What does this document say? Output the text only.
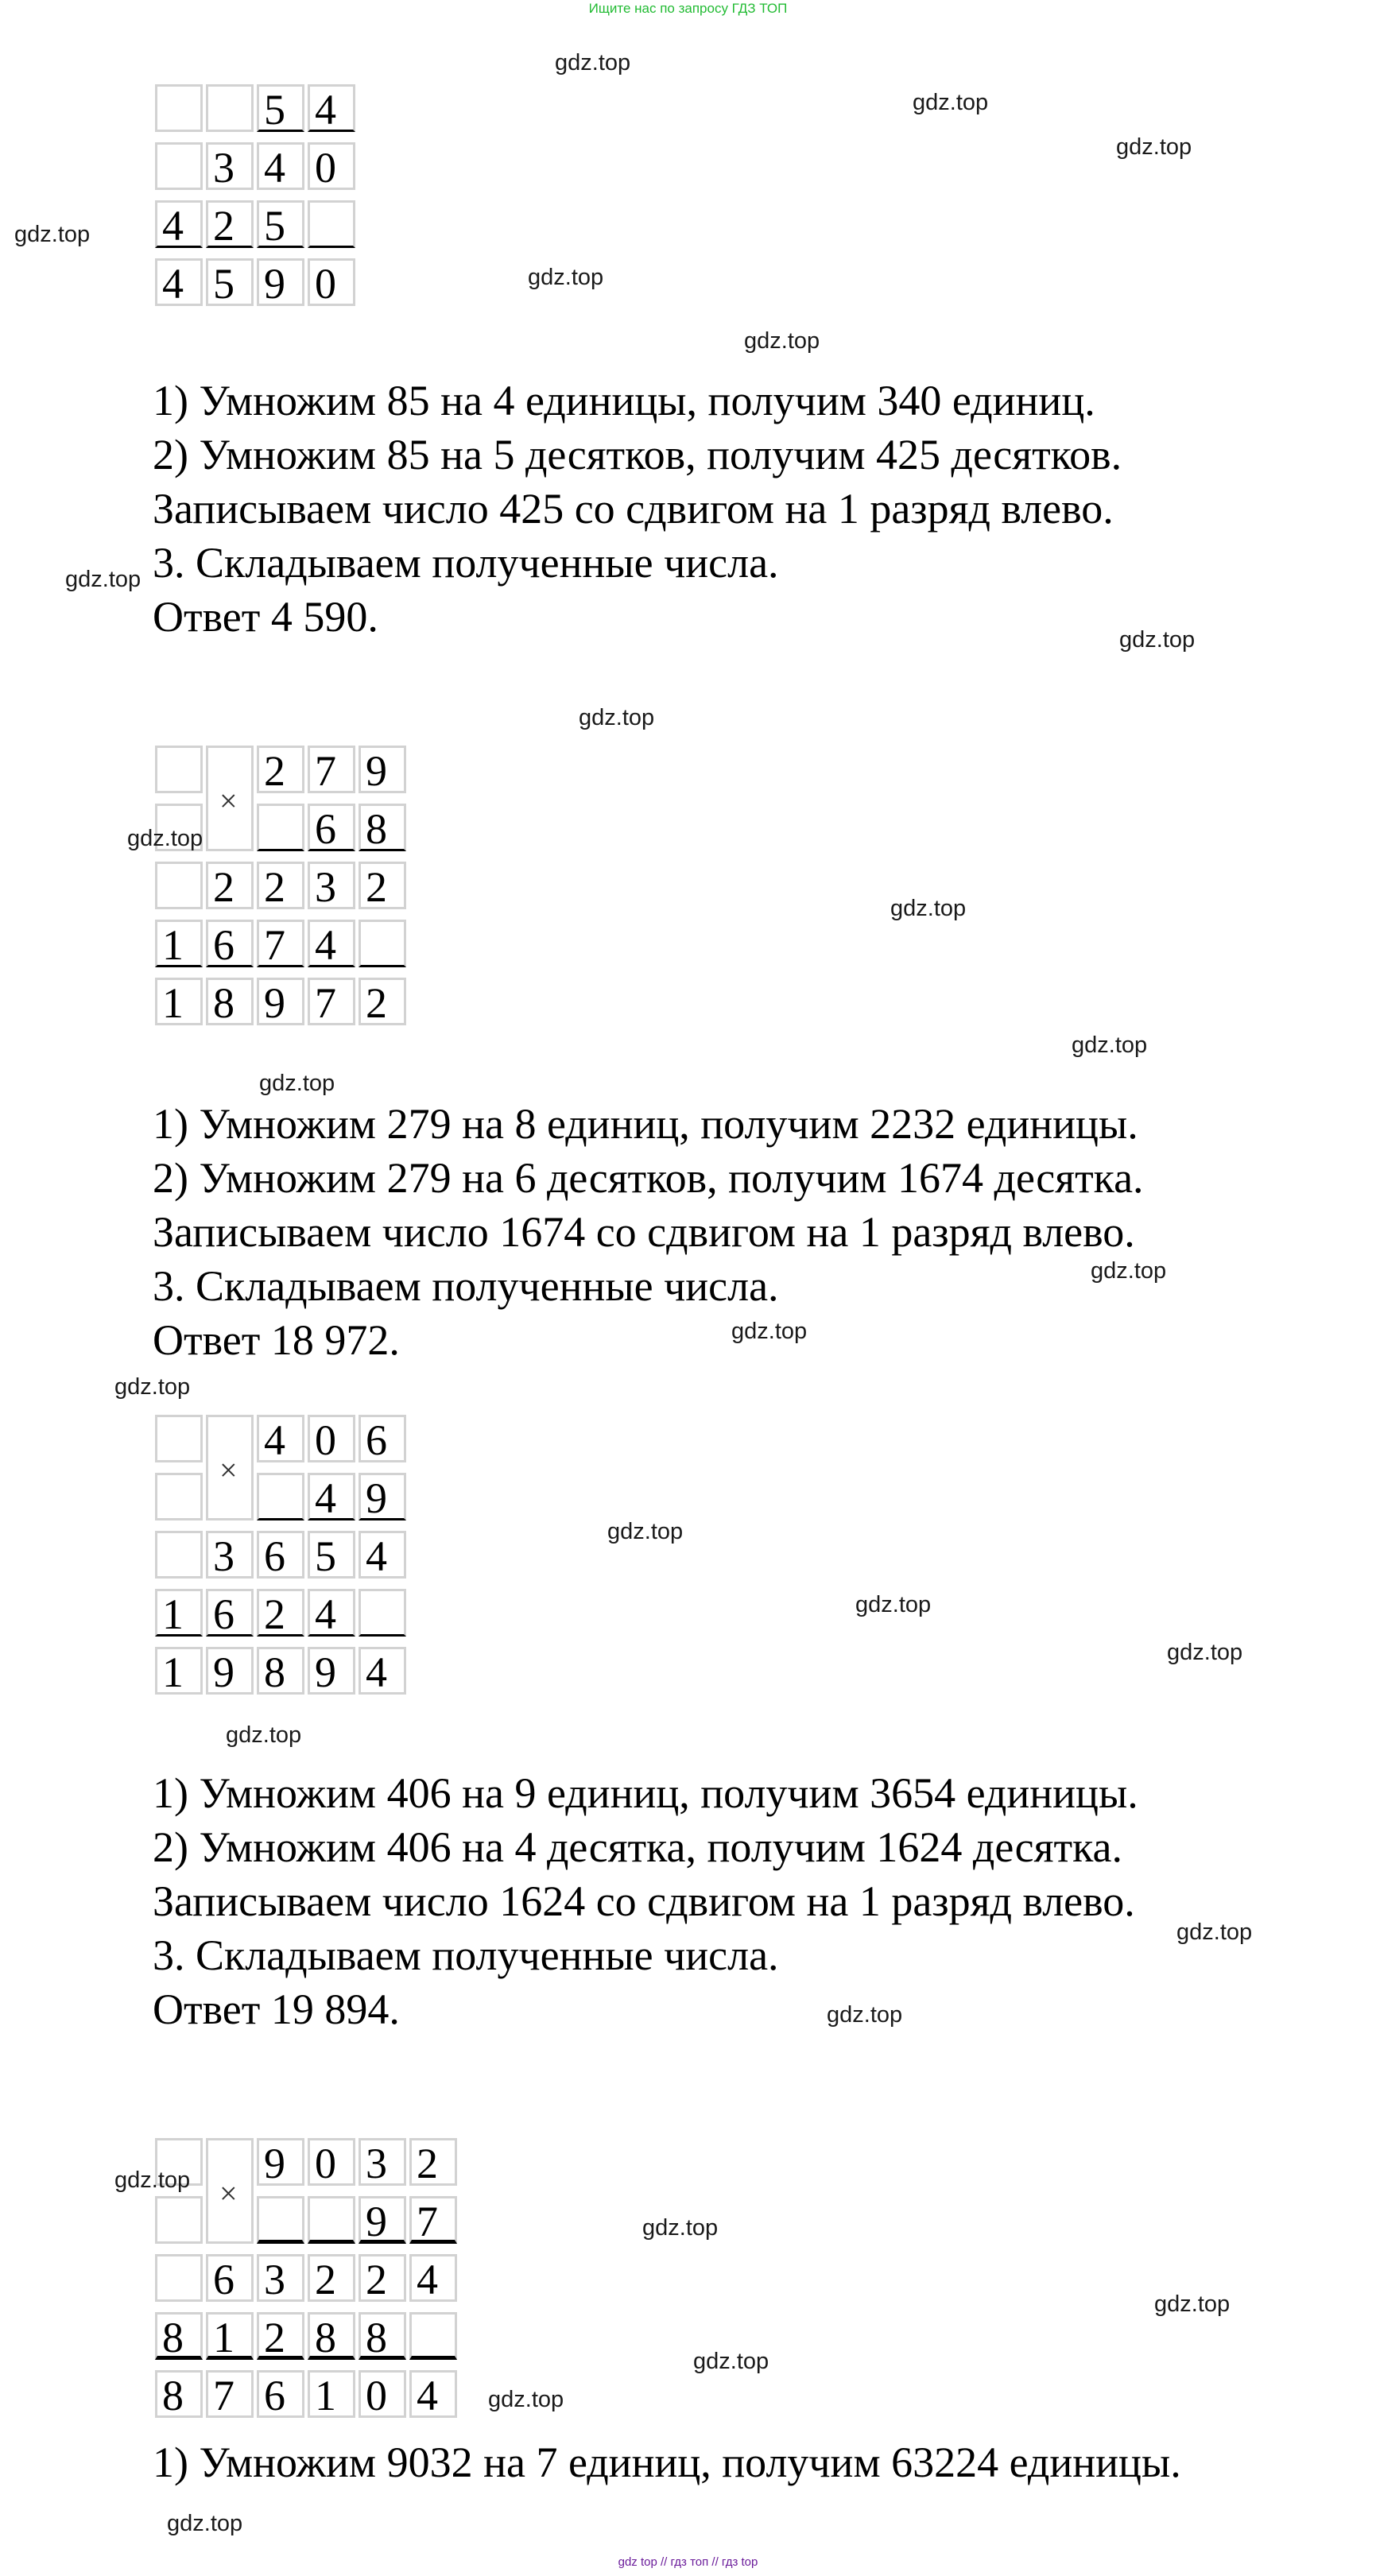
Ищите нас по запросу ГДЗ ТОП
5 4
3 4 0
4 2 5
4 5 9 0
1) Умножим 85 на 4 единицы, получим 340 единиц.
2) Умножим 85 на 5 десятков, получим 425 десятков.
Записываем число 425 со сдвигом на 1 разряд влево.
3. Складываем полученные числа.
Ответ 4 590.
×
2 7 9
6 8
2 2 3 2
1 6 7 4
1 8 9 7 2
1) Умножим 279 на 8 единиц, получим 2232 единицы.
2) Умножим 279 на 6 десятков, получим 1674 десятка.
Записываем число 1674 со сдвигом на 1 разряд влево.
3. Складываем полученные числа.
Ответ 18 972.
×
4 0 6
4 9
3 6 5 4
1 6 2 4
1 9 8 9 4
1) Умножим 406 на 9 единиц, получим 3654 единицы.
2) Умножим 406 на 4 десятка, получим 1624 десятка.
Записываем число 1624 со сдвигом на 1 разряд влево.
3. Складываем полученные числа.
Ответ 19 894.
×
9 0 3 2
9 7
6 3 2 2 4
8 1 2 8 8
8 7 6 1 0 4
1) Умножим 9032 на 7 единиц, получим 63224 единицы.
gdz.top
gdz.top
gdz.top
gdz.top
gdz.top
gdz.top
gdz.top
gdz.top
gdz.top
gdz.top
gdz.top
gdz.top
gdz.top
gdz.top
gdz.top
gdz.top
gdz.top
gdz.top
gdz.top
gdz.top
gdz.top
gdz.top
gdz.top
gdz.top
gdz.top
gdz.top
gdz.top
gdz.top
gdz top // гдз топ // гдз top
